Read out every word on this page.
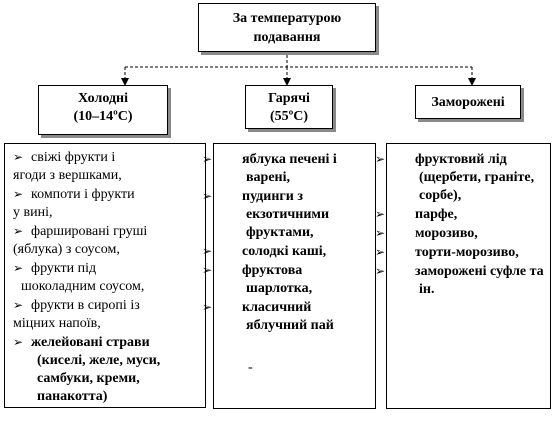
За температурою
подавання
Холодні
(10–14ºС)
Гарячі
(55ºС)
Заморожені
➢ свіжі фрукти і
ягоди з вершками,
➢ компоти і фрукти
у вині,
➢ фаршировані груші
(яблука) з соусом,
➢ фрукти під
шоколадним соусом,
➢ фрукти в сиропі із
міцних напоїв,
➢ желейовані страви
(киселі, желе, муси,
самбуки, креми,
панакотта)
➢ яблука печені і варені,
➢ пудинги з екзотичними фруктами,
➢ солодкі каші,
➢ фруктова шарлотка,
➢ класичний яблучний пай
-
➢ фруктовий лід (щербети, граніте, сорбе),
➢ парфе,
➢ морозиво,
➢ торти-морозиво,
➢ заморожені суфле та ін.
